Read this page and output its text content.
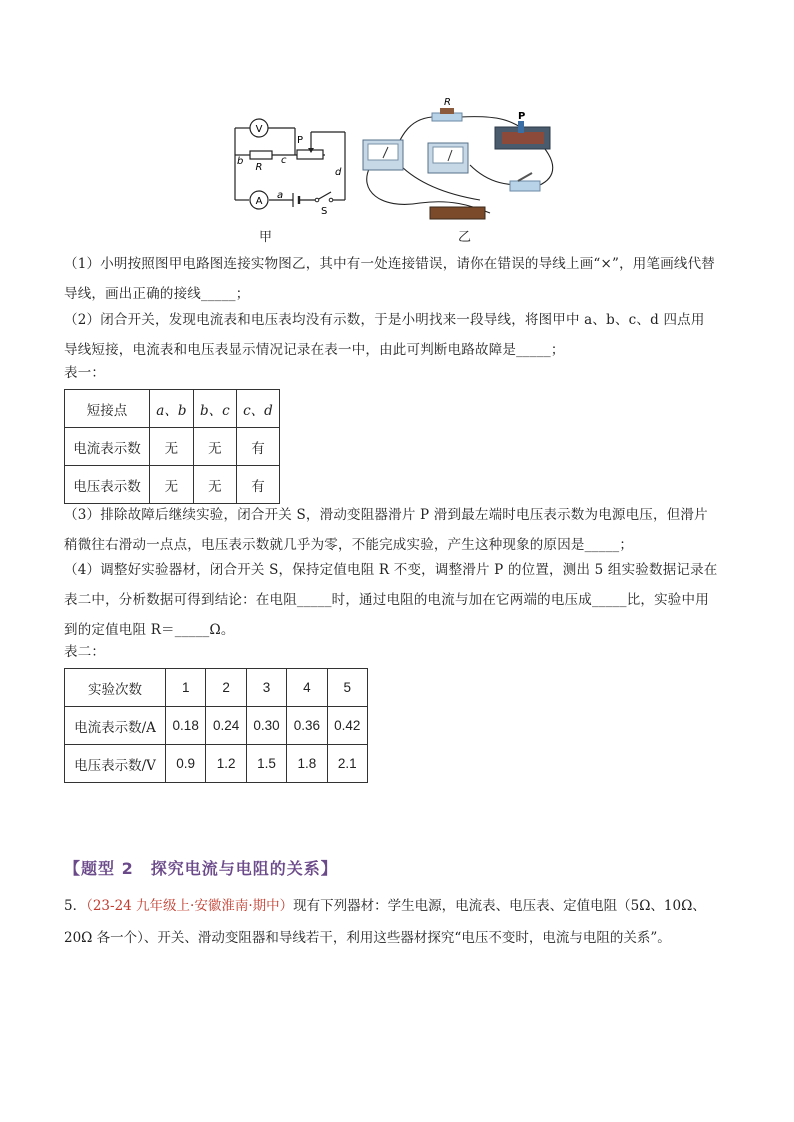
V
R
P
A
S
b	c
d
a
甲
R
P
乙

（1）小明按照图甲电路图连接实物图乙，其中有一处连接错误，请你在错误的导线上画“×”，用笔画线代替

导线，画出正确的接线_____；

（2）闭合开关，发现电流表和电压表均没有示数，于是小明找来一段导线，将图甲中 a、b、c、d 四点用

导线短接，电流表和电压表显示情况记录在表一中，由此可判断电路故障是_____；

表一：
短接点	a、b	b、c	c、d
电流表示数	无	无	有
电压表示数	无	无	有

（3）排除故障后继续实验，闭合开关 S，滑动变阻器滑片 P 滑到最左端时电压表示数为电源电压，但滑片

稍微往右滑动一点点，电压表示数就几乎为零，不能完成实验，产生这种现象的原因是_____；

（4）调整好实验器材，闭合开关 S，保持定值电阻 R 不变，调整滑片 P 的位置，测出 5 组实验数据记录在

表二中，分析数据可得到结论：在电阻_____时，通过电阻的电流与加在它两端的电压成_____比，实验中用

到的定值电阻 R＝_____Ω。

表二：
实验次数	1	2	3	4	5
电流表示数/A	0.18	0.24	0.30	0.36	0.42
电压表示数/V	0.9	1.2	1.5	1.8	2.1
【题型 2　探究电流与电阻的关系】
5．（23-24 九年级上·安徽淮南·期中）现有下列器材：学生电源，电流表、电压表、定值电阻（5Ω、10Ω、
20Ω 各一个）、开关、滑动变阻器和导线若干，利用这些器材探究“电压不变时，电流与电阻的关系”。
